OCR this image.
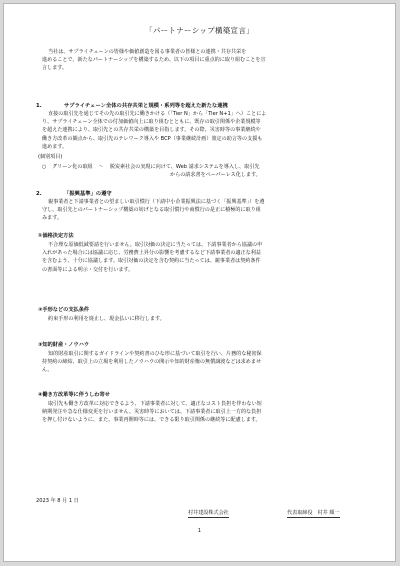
「パートナーシップ構築宣言」
当社は、サプライチェーンの皆様や価値創造を図る事業者の皆様との連携・共存共栄を
進めることで、新たなパートナーシップを構築するため、以下の項目に重点的に取り組むことを宣
言します。
1.	サプライチェーン全体の共存共栄と規模・系列等を超えた新たな連携
直接の取引先を通じてその先の取引先に働きかける（「Tier N」から「Tier N+1」へ）ことによ
り、サプライチェーン全体での付加価値向上に取り組むとともに、既存の取引関係や企業規模等
を超えた連携により、取引先との共存共栄の構築を目指します。その際、災害時等の事業継続や
働き方改革の観点から、取引先のテレワーク導入や BCP（事業継続計画）策定の助言等の支援も
進めます。
(個別項目)
○ グリーン化の取組 ～ 脱炭素社会の実現に向けて、Web 請求システムを導入し、取引先
からの請求書をペーパーレス化します。
2.	「振興基準」の遵守
親事業者と下請事業者との望ましい取引慣行（下請中小企業振興法に基づく「振興基準」）を遵
守し、取引先とのパートナーシップ構築の妨げとなる取引慣行や商慣行の是正に積極的に取り組
みます。
①価格決定方法
不合理な原価低減要請を行いません。取引対価の決定に当たっては、下請事業者から協議の申
入れがあった場合には協議に応じ、労務費上昇分の影響を考慮するなど下請事業者の適正な利益
を含むよう、十分に協議します。取引対価の決定を含む契約に当たっては、親事業者は契約条件
の書面等による明示・交付を行います。
②手形などの支払条件
約束手形の利用を廃止し、現金払いに移行します。
③知的財産・ノウハウ
知的財産取引に関するガイドラインや契約書のひな形に基づいて取引を行い、片務的な秘密保
持契約の締結、取引上の立場を利用したノウハウの開示や知的財産権の無償譲渡などは求めませ
ん。
④働き方改革等に伴うしわ寄せ
取引先も働き方改革に対応できるよう、下請事業者に対して、適正なコスト負担を伴わない短
納期発注や急な仕様変更を行いません。災害時等においては、下請事業者に取引上一方的な負担
を押し付けないように、また、事業再開時等には、できる限り取引関係の継続等に配慮します。
2023 年 8 月 1 日
村井建設株式会社	代表取締役　村井 順一
1
